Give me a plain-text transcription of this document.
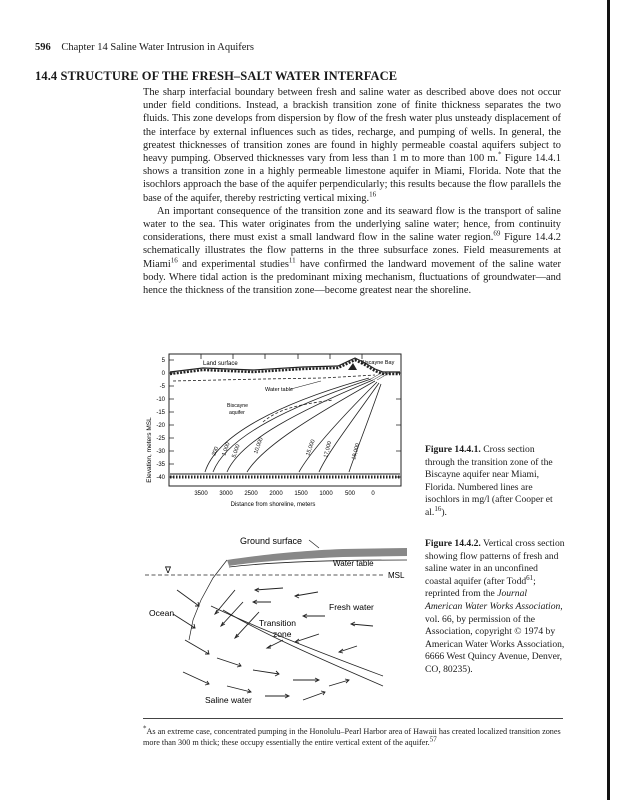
596 Chapter 14 Saline Water Intrusion in Aquifers
14.4 STRUCTURE OF THE FRESH–SALT WATER INTERFACE

The sharp interfacial boundary between fresh and saline water as described above does not occur under field conditions. Instead, a brackish transition zone of finite thickness separates the two fluids. This zone develops from dispersion by flow of the fresh water plus unsteady displacement of the interface by external influences such as tides, recharge, and pumping of wells. In general, the greatest thicknesses of transition zones are found in highly permeable coastal aquifers subject to heavy pumping. Observed thicknesses vary from less than 1 m to more than 100 m.* Figure 14.4.1 shows a transition zone in a highly permeable limestone aquifer in Miami, Florida. Note that the isochlors approach the base of the aquifer perpendicularly; this results because the flow parallels the base of the aquifer, thereby restricting vertical mixing.$^{16}$

An important consequence of the transition zone and its seaward flow is the transport of saline water to the sea. This water originates from the underlying saline water; hence, from continuity considerations, there must exist a small landward flow in the saline water region.$^{69}$ Figure 14.4.2 schematically illustrates the flow patterns in the three subsurface zones. Field measurements at Miami$^{16}$ and experimental studies$^{11}$ have confirmed the landward movement of the saline water body. Where tidal action is the predominant mixing mechanism, fluctuations of groundwater—and hence the thickness of the transition zone—become greatest near the shoreline.

Elevation, meters MSL
5
0
-5
-10
-15
-20
-25
-30
-35
-40
Land surface	Biscayne Bay
Water table
Biscayne
aquifer
200 1,000 5,000 10,000	15,000 17,000	19,000
3500 3000 2500 2000 1500 1000 500	0
Distance from shoreline, meters
Figure 14.4.1. Cross section through the transition zone of the Biscayne aquifer near Miami, Florida. Numbered lines are isochlors in mg/l (after Cooper et al.$^{16}$).
Ground surface
Water table
∇
MSL
Ocean
Fresh water
Transition
zone
Saline water
Figure 14.4.2. Vertical cross section showing flow patterns of fresh and saline water in an unconfined coastal aquifer (after Todd$^{61}$; reprinted from the Journal American Water Works Association, vol. 66, by permission of the Association, copyright © 1974 by American Water Works Association, 6666 West Quincy Avenue, Denver, CO, 80235).
*As an extreme case, concentrated pumping in the Honolulu–Pearl Harbor area of Hawaii has created localized transition zones more than 300 m thick; these occupy essentially the entire vertical extent of the aquifer.$^{57}$
